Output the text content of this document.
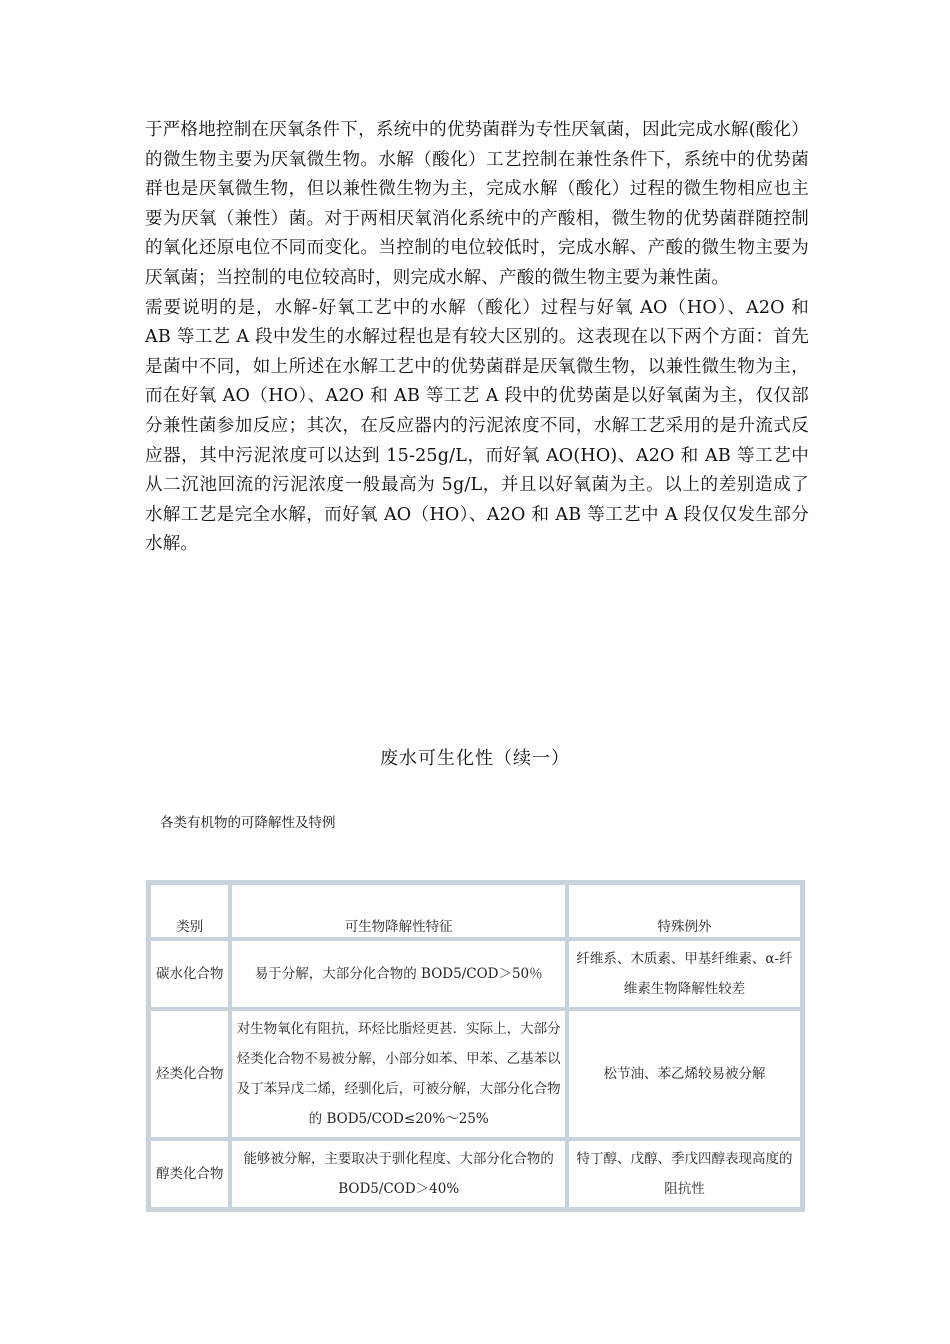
于严格地控制在厌氧条件下，系统中的优势菌群为专性厌氧菌，因此完成水解(酸化）的微生物主要为厌氧微生物。水解（酸化）工艺控制在兼性条件下，系统中的优势菌群也是厌氧微生物，但以兼性微生物为主，完成水解（酸化）过程的微生物相应也主要为厌氧（兼性）菌。对于两相厌氧消化系统中的产酸相，微生物的优势菌群随控制的氧化还原电位不同而变化。当控制的电位较低时，完成水解、产酸的微生物主要为厌氧菌；当控制的电位较高时，则完成水解、产酸的微生物主要为兼性菌。

需要说明的是，水解-好氧工艺中的水解（酸化）过程与好氧 AO（HO）、A2O 和 AB 等工艺 A 段中发生的水解过程也是有较大区别的。这表现在以下两个方面：首先是菌中不同，如上所述在水解工艺中的优势菌群是厌氧微生物，以兼性微生物为主，而在好氧 AO（HO）、A2O 和 AB 等工艺 A 段中的优势菌是以好氧菌为主，仅仅部分兼性菌参加反应；其次，在反应器内的污泥浓度不同，水解工艺采用的是升流式反应器，其中污泥浓度可以达到 15-25g/L，而好氧 AO(HO)、A2O 和 AB 等工艺中从二沉池回流的污泥浓度一般最高为 5g/L，并且以好氧菌为主。以上的差别造成了水解工艺是完全水解，而好氧 AO（HO）、A2O 和 AB 等工艺中 A 段仅仅发生部分水解。

废水可生化性（续一）
各类有机物的可降解性及特例
类别	可生物降解性特征	特殊例外
碳水化合物	易于分解，大部分化合物的 BOD5/COD＞50％	纤维系、木质素、甲基纤维素、α-纤维素生物降解性较差
烃类化合物	对生物氧化有阻抗，环烃比脂烃更甚．实际上，大部分烃类化合物不易被分解，小部分如苯、甲苯、乙基苯以及丁苯异戊二烯，经驯化后，可被分解，大部分化合物的 BOD5/COD≤20%～25%	松节油、苯乙烯较易被分解
醇类化合物	能够被分解，主要取决于驯化程度、大部分化合物的 BOD5/COD＞40%	特丁醇、戊醇、季戊四醇表现高度的阻抗性
